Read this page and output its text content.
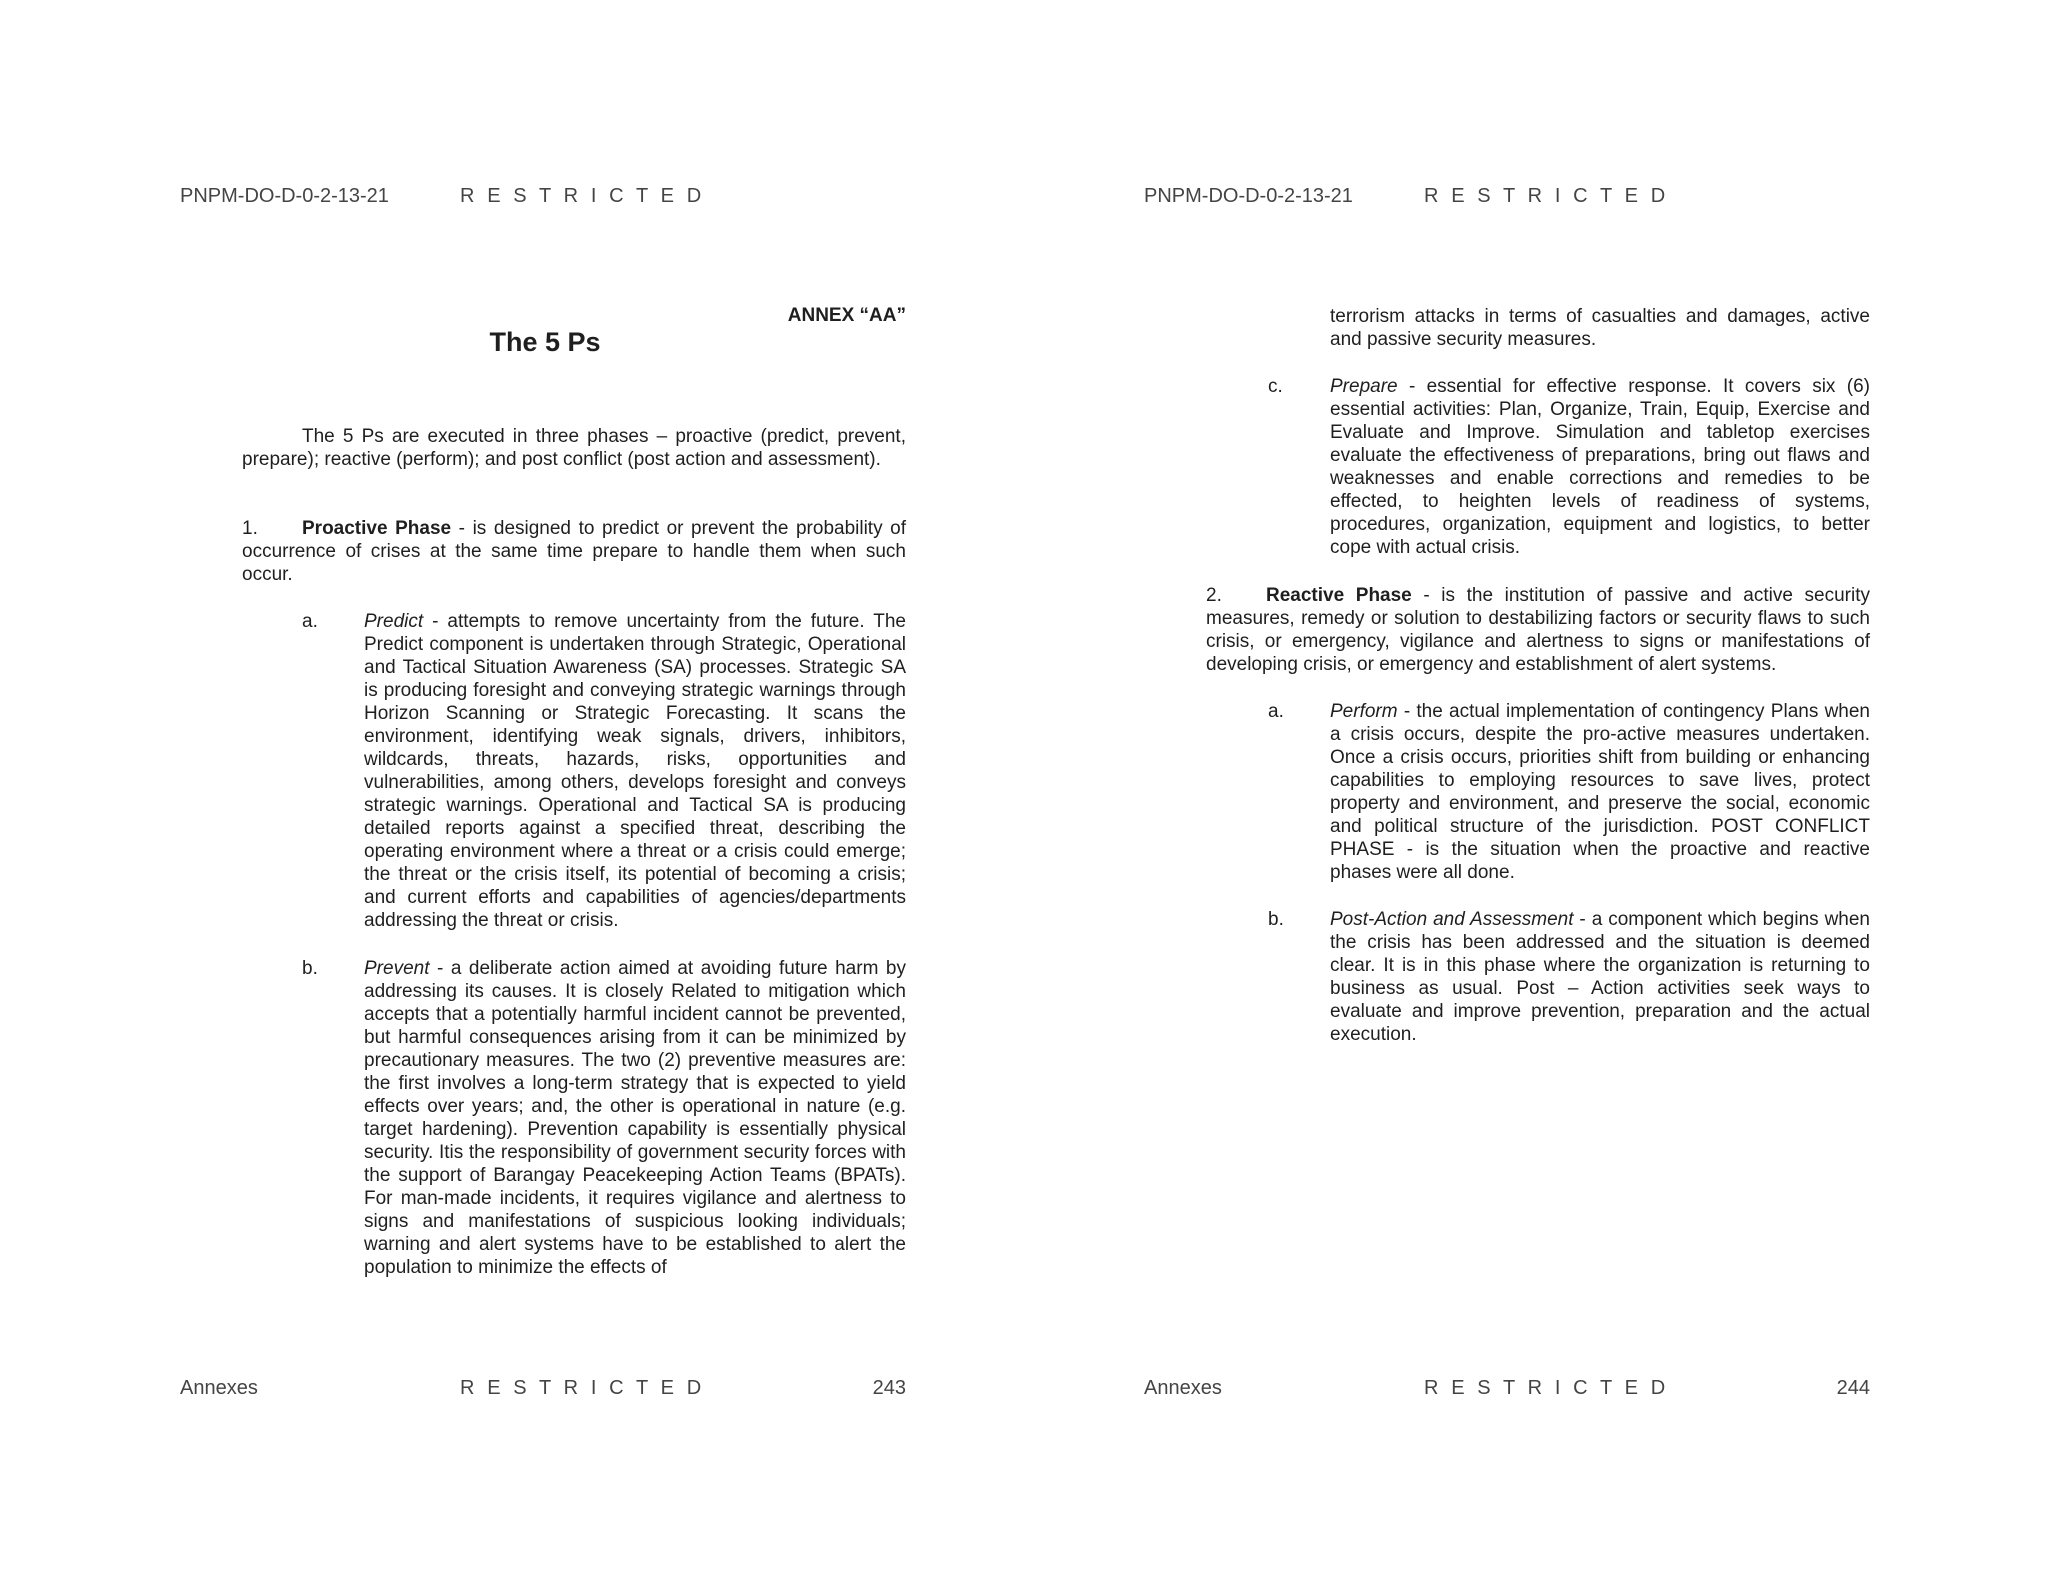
PNPM-DO-D-0-2-13-21	R E S T R I C T E D
ANNEX “AA”
The 5 Ps
The 5 Ps are executed in three phases – proactive (predict, prevent, prepare); reactive (perform); and post conflict (post action and assessment).
1. Proactive Phase - is designed to predict or prevent the probability of occurrence of crises at the same time prepare to handle them when such occur.
a. Predict - attempts to remove uncertainty from the future. The Predict component is undertaken through Strategic, Operational and Tactical Situation Awareness (SA) processes. Strategic SA is producing foresight and conveying strategic warnings through Horizon Scanning or Strategic Forecasting. It scans the environment, identifying weak signals, drivers, inhibitors, wildcards, threats, hazards, risks, opportunities and vulnerabilities, among others, develops foresight and conveys strategic warnings. Operational and Tactical SA is producing detailed reports against a specified threat, describing the operating environment where a threat or a crisis could emerge; the threat or the crisis itself, its potential of becoming a crisis; and current efforts and capabilities of agencies/departments addressing the threat or crisis.
b. Prevent - a deliberate action aimed at avoiding future harm by addressing its causes. It is closely Related to mitigation which accepts that a potentially harmful incident cannot be prevented, but harmful consequences arising from it can be minimized by precautionary measures. The two (2) preventive measures are: the first involves a long-term strategy that is expected to yield effects over years; and, the other is operational in nature (e.g. target hardening). Prevention capability is essentially physical security. Itis the responsibility of government security forces with the support of Barangay Peacekeeping Action Teams (BPATs). For man-made incidents, it requires vigilance and alertness to signs and manifestations of suspicious looking individuals; warning and alert systems have to be established to alert the population to minimize the effects of
Annexes	R E S T R I C T E D	243
PNPM-DO-D-0-2-13-21	R E S T R I C T E D
terrorism attacks in terms of casualties and damages, active and passive security measures.
c. Prepare - essential for effective response. It covers six (6) essential activities: Plan, Organize, Train, Equip, Exercise and Evaluate and Improve. Simulation and tabletop exercises evaluate the effectiveness of preparations, bring out flaws and weaknesses and enable corrections and remedies to be effected, to heighten levels of readiness of systems, procedures, organization, equipment and logistics, to better cope with actual crisis.
2. Reactive Phase - is the institution of passive and active security measures, remedy or solution to destabilizing factors or security flaws to such crisis, or emergency, vigilance and alertness to signs or manifestations of developing crisis, or emergency and establishment of alert systems.
a. Perform - the actual implementation of contingency Plans when a crisis occurs, despite the pro-active measures undertaken. Once a crisis occurs, priorities shift from building or enhancing capabilities to employing resources to save lives, protect property and environment, and preserve the social, economic and political structure of the jurisdiction. POST CONFLICT PHASE - is the situation when the proactive and reactive phases were all done.
b. Post-Action and Assessment - a component which begins when the crisis has been addressed and the situation is deemed clear. It is in this phase where the organization is returning to business as usual. Post – Action activities seek ways to evaluate and improve prevention, preparation and the actual execution.
Annexes	R E S T R I C T E D	244
